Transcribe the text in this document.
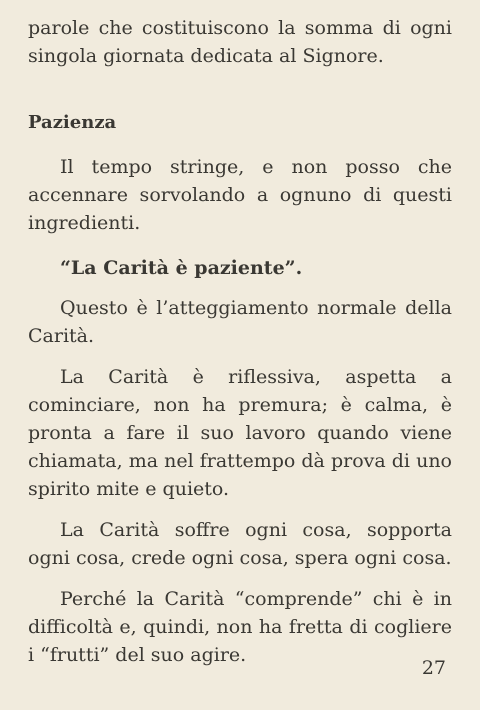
parole che costituiscono la somma di ogni singola giornata dedicata al Signore.

Pazienza

Il tempo stringe, e non posso che accennare sorvolando a ognuno di questi ingredienti.

“La Carità è paziente”.

Questo è l’atteggiamento normale della Carità.

La Carità è riflessiva, aspetta a cominciare, non ha premura; è calma, è pronta a fare il suo lavoro quando viene chiamata, ma nel frattempo dà prova di uno spirito mite e quieto.

La Carità soffre ogni cosa, sopporta ogni cosa, crede ogni cosa, spera ogni cosa.

Perché la Carità “comprende” chi è in difficoltà e, quindi, non ha fretta di cogliere i “frutti” del suo agire.

27
